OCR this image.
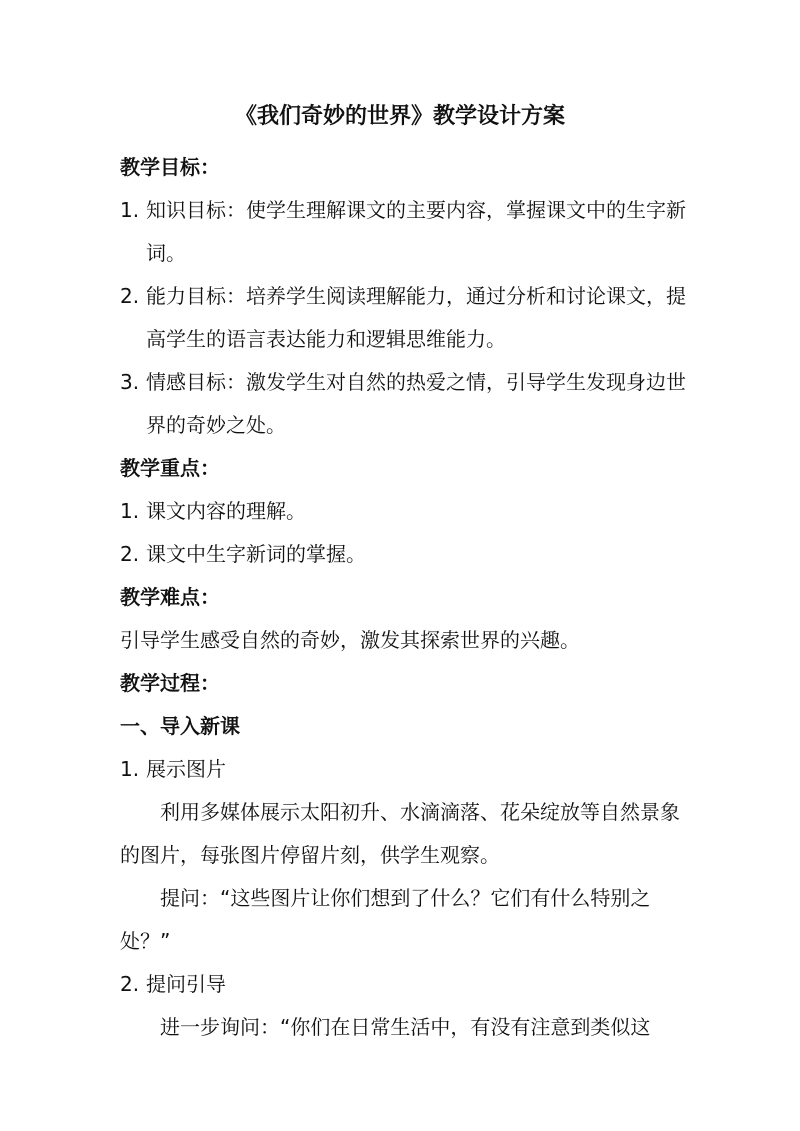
《我们奇妙的世界》教学设计方案
教学目标：
1. 知识目标：使学生理解课文的主要内容，掌握课文中的生字新词。
2. 能力目标：培养学生阅读理解能力，通过分析和讨论课文，提高学生的语言表达能力和逻辑思维能力。
3. 情感目标：激发学生对自然的热爱之情，引导学生发现身边世界的奇妙之处。
教学重点：
1. 课文内容的理解。
2. 课文中生字新词的掌握。
教学难点：
引导学生感受自然的奇妙，激发其探索世界的兴趣。
教学过程：
一、导入新课
1. 展示图片
利用多媒体展示太阳初升、水滴滴落、花朵绽放等自然景象的图片，每张图片停留片刻，供学生观察。
提问：“这些图片让你们想到了什么？它们有什么特别之处？”
2. 提问引导
进一步询问：“你们在日常生活中，有没有注意到类似这
